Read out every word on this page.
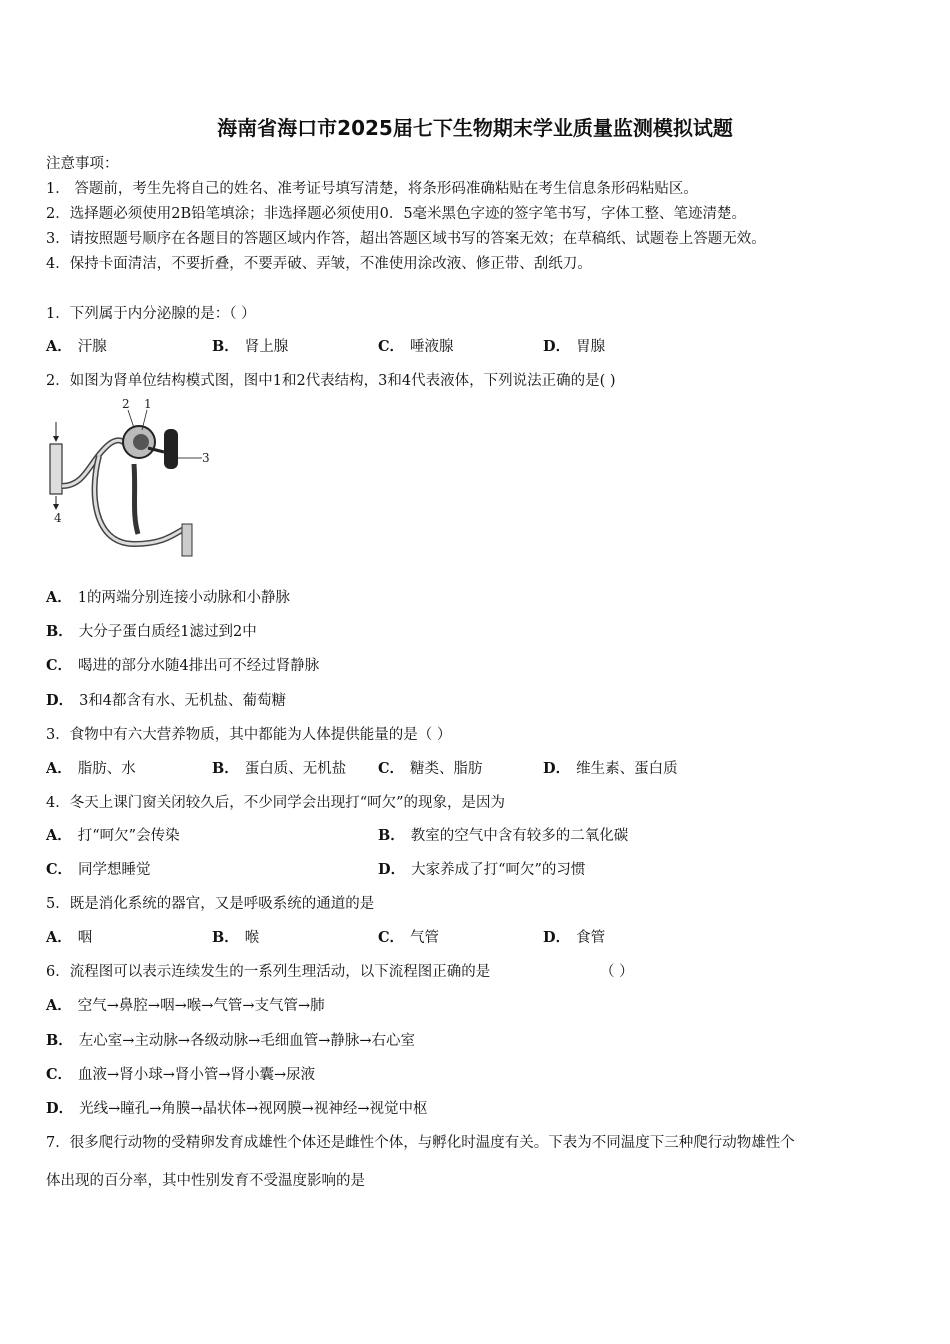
海南省海口市2025届七下生物期末学业质量监测模拟试题
注意事项：
1． 答题前，考生先将自己的姓名、准考证号填写清楚，将条形码准确粘贴在考生信息条形码粘贴区。
2．选择题必须使用2B铅笔填涂；非选择题必须使用0．5毫米黑色字迹的签字笔书写，字体工整、笔迹清楚。
3．请按照题号顺序在各题目的答题区域内作答，超出答题区域书写的答案无效；在草稿纸、试题卷上答题无效。
4．保持卡面清洁，不要折叠，不要弄破、弄皱，不准使用涂改液、修正带、刮纸刀。
1．下列属于内分泌腺的是：（ ）
A． 汗腺	B． 肾上腺	C． 唾液腺	D． 胃腺
2．如图为肾单位结构模式图，图中1和2代表结构，3和4代表液体，下列说法正确的是( )
2 1
3
4
A． 1的两端分别连接小动脉和小静脉
B． 大分子蛋白质经1滤过到2中
C． 喝进的部分水随4排出可不经过肾静脉
D． 3和4都含有水、无机盐、葡萄糖
3．食物中有六大营养物质，其中都能为人体提供能量的是（ ）
A． 脂肪、水	B． 蛋白质、无机盐 C． 糖类、脂肪	D． 维生素、蛋白质
4．冬天上课门窗关闭较久后，不少同学会出现打“呵欠”的现象，是因为
A． 打“呵欠”会传染	B． 教室的空气中含有较多的二氧化碳
C． 同学想睡觉	D． 大家养成了打“呵欠”的习惯
5．既是消化系统的器官，又是呼吸系统的通道的是
A． 咽	B． 喉	C． 气管	D． 食管
6．流程图可以表示连续发生的一系列生理活动，以下流程图正确的是	（ ）
A． 空气→鼻腔→咽→喉→气管→支气管→肺
B． 左心室→主动脉→各级动脉→毛细血管→静脉→右心室
C． 血液→肾小球→肾小管→肾小囊→尿液
D． 光线→瞳孔→角膜→晶状体→视网膜→视神经→视觉中枢
7．很多爬行动物的受精卵发育成雄性个体还是雌性个体，与孵化时温度有关。下表为不同温度下三种爬行动物雄性个
体出现的百分率，其中性别发育不受温度影响的是
